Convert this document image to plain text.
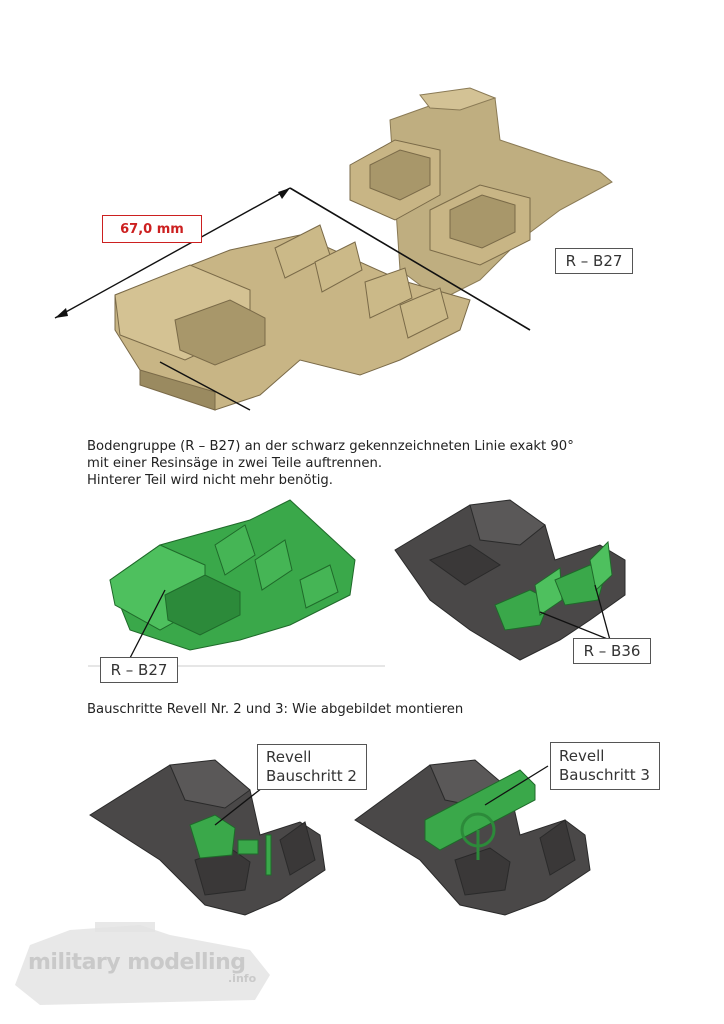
67,0 mm
R – B27
Bodengruppe (R – B27) an der schwarz gekennzeichneten Linie exakt 90°
mit einer Resinsäge in zwei Teile auftrennen.
Hinterer Teil wird nicht mehr benötig.
R – B27
R – B36
Bauschritte Revell Nr. 2 und 3: Wie abgebildet montieren
Revell
Bauschritt 2
Revell
Bauschritt 3
military modelling
.info
